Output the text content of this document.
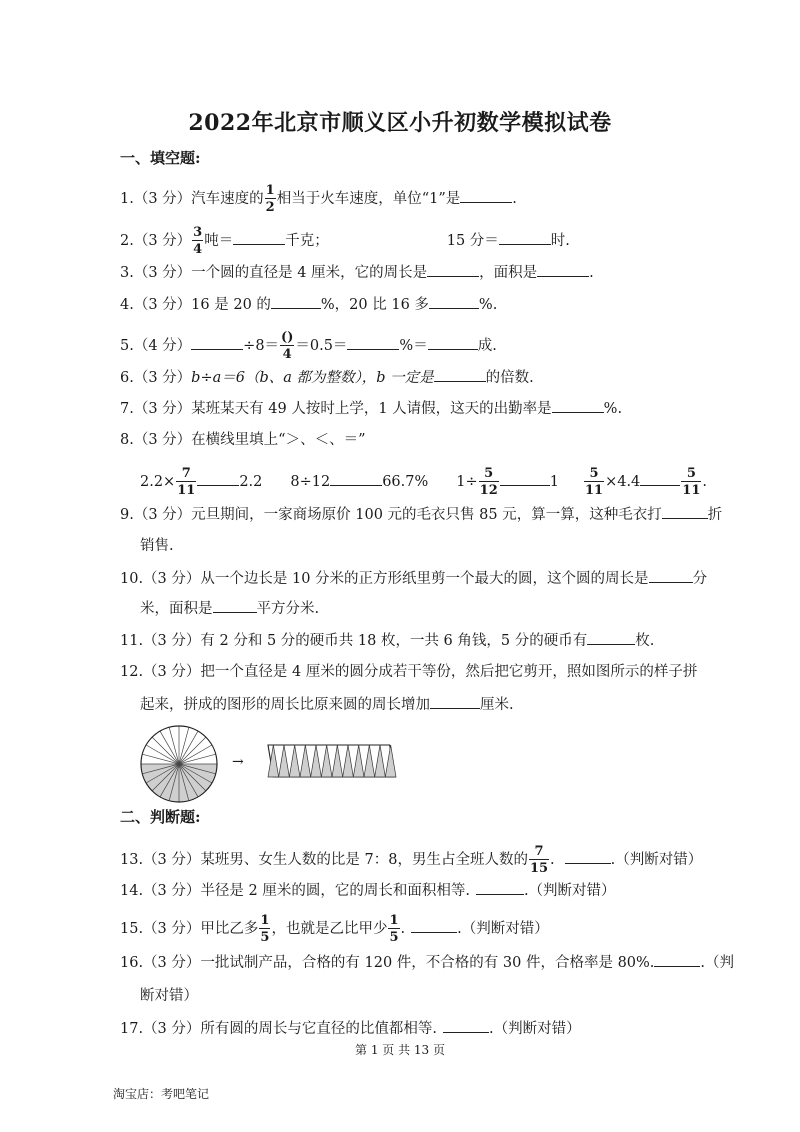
2022年北京市顺义区小升初数学模拟试卷
一、填空题:
1.（3 分）汽车速度的 $\frac{1}{2}$ 相当于火车速度，单位“1”是	.
2.（3 分） $\frac{3}{4}$ 吨＝	千克；	15 分＝	时.
3.（3 分）一个圆的直径是 4 厘米，它的周长是	，面积是	.
4.（3 分）16 是 20 的	%，20 比 16 多	%.
5.（4 分）	$\div 8= \frac{()}{4} =0.5=$	%＝	成.
6.（3 分）b÷a＝6（b、a 都为整数），b 一定是	的倍数.
7.（3 分）某班某天有 49 人按时上学，1 人请假，这天的出勤率是	%.
8.（3 分）在横线里填上“＞、＜、＝”
$2.2\times \frac{7}{11}$	2.2 8÷12	66.7% $1\div \frac{5}{12}$	$1 \frac{5}{11} \times 4.4$	$\frac{5}{11}$ .
9.（3 分）元旦期间，一家商场原价 100 元的毛衣只售 85 元，算一算，这种毛衣打	折
销售.
10.（3 分）从一个边长是 10 分米的正方形纸里剪一个最大的圆，这个圆的周长是	分
米，面积是	平方分米.
11.（3 分）有 2 分和 5 分的硬币共 18 枚，一共 6 角钱，5 分的硬币有	枚.
12.（3 分）把一个直径是 4 厘米的圆分成若干等份，然后把它剪开，照如图所示的样子拼
起来，拼成的图形的周长比原来圆的周长增加	厘米.
→
二、判断题:
13.（3 分）某班男、女生人数的比是 7：8，男生占全班人数的 $\frac{7}{15}$ .	.（判断对错）
14.（3 分）半径是 2 厘米的圆，它的周长和面积相等.	.（判断对错）
15.（3 分）甲比乙多 $\frac{1}{5}$ ，也就是乙比甲少 $\frac{1}{5}$ .	.（判断对错）
16.（3 分）一批试制产品，合格的有 120 件，不合格的有 30 件，合格率是 80%.	.（判
断对错）
17.（3 分）所有圆的周长与它直径的比值都相等.	.（判断对错）
第 1 页 共 13 页
淘宝店：考吧笔记
